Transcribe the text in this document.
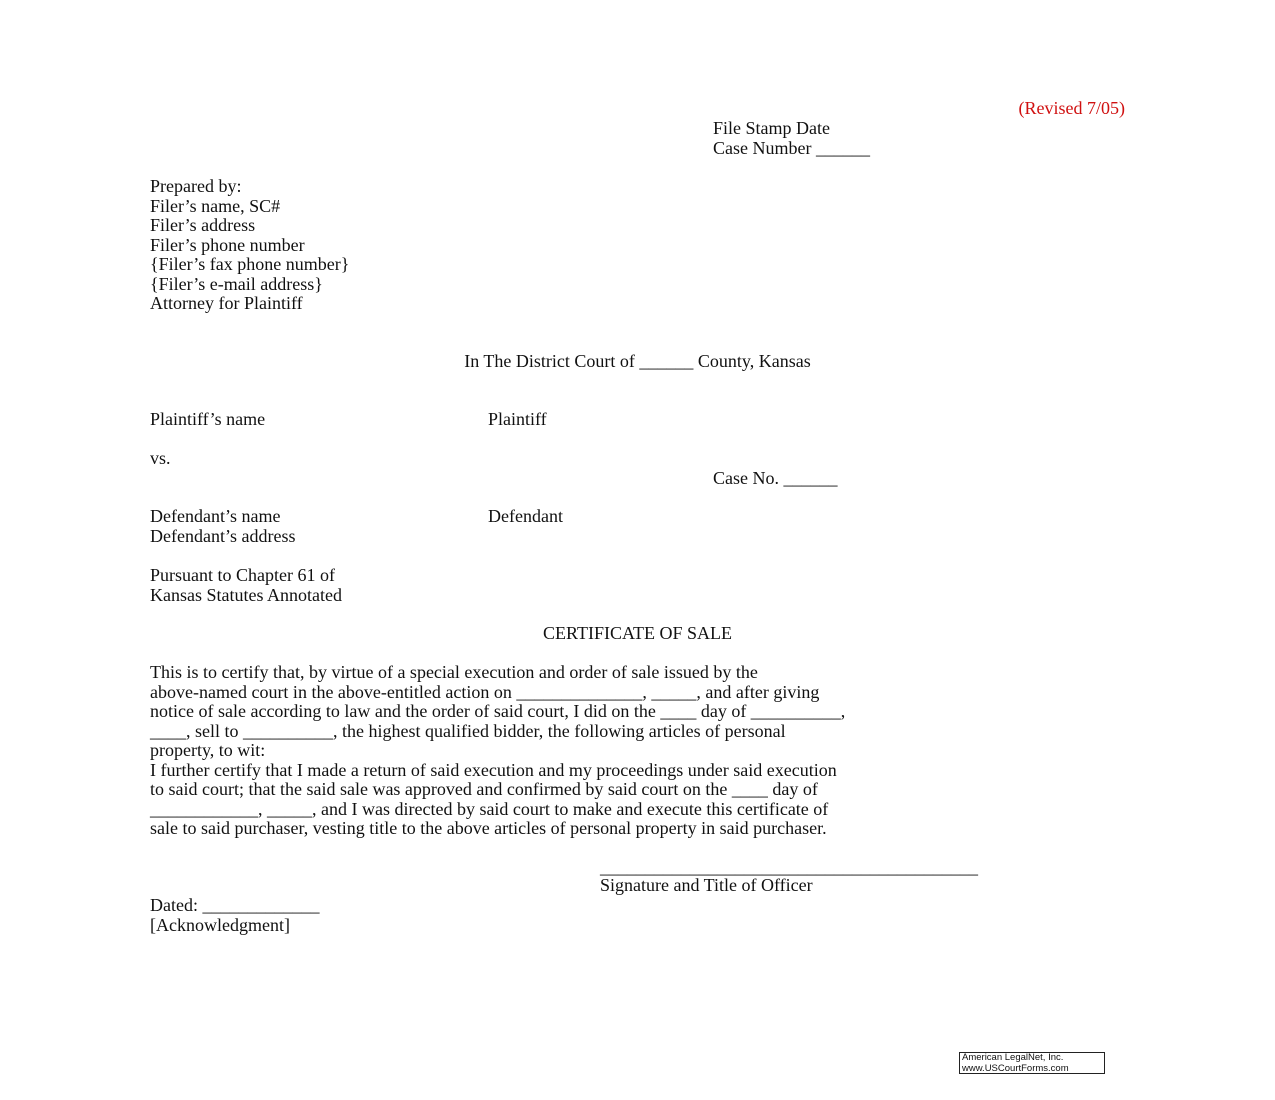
(Revised 7/05)

File Stamp Date
Case Number ______

Prepared by:
Filer’s name, SC#
Filer’s address
Filer’s phone number
{Filer’s fax phone number}
{Filer’s e-mail address}
Attorney for Plaintiff

In The District Court of ______ County, Kansas

Plaintiff’s name	Plaintiff

vs.

Case No. ______

Defendant’s name
Defendant’s address

Defendant

Pursuant to Chapter 61 of
Kansas Statutes Annotated

CERTIFICATE OF SALE

This is to certify that, by virtue of a special execution and order of sale issued by the
above-named court in the above-entitled action on ______________, _____, and after giving
notice of sale according to law and the order of said court, I did on the ____ day of __________,
____, sell to __________, the highest qualified bidder, the following articles of personal
property, to wit:
I further certify that I made a return of said execution and my proceedings under said execution
to said court; that the said sale was approved and confirmed by said court on the ____ day of
____________, _____, and I was directed by said court to make and execute this certificate of
sale to said purchaser, vesting title to the above articles of personal property in said purchaser.

__________________________________________

Signature and Title of Officer

Dated: _____________
[Acknowledgment]

American LegalNet, Inc.
www.USCourtForms.com
